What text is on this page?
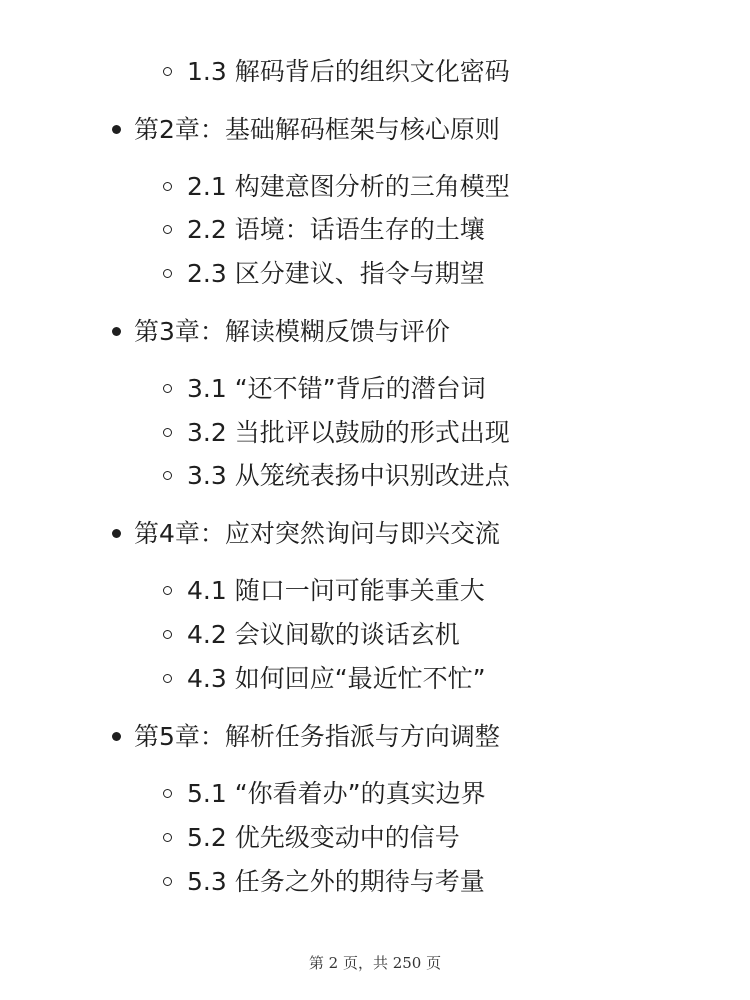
1.3 解码背后的组织文化密码
第2章：基础解码框架与核心原则
2.1 构建意图分析的三角模型
2.2 语境：话语生存的土壤
2.3 区分建议、指令与期望
第3章：解读模糊反馈与评价
3.1 “还不错”背后的潜台词
3.2 当批评以鼓励的形式出现
3.3 从笼统表扬中识别改进点
第4章：应对突然询问与即兴交流
4.1 随口一问可能事关重大
4.2 会议间歇的谈话玄机
4.3 如何回应“最近忙不忙”
第5章：解析任务指派与方向调整
5.1 “你看着办”的真实边界
5.2 优先级变动中的信号
5.3 任务之外的期待与考量
第 2 页，共 250 页
